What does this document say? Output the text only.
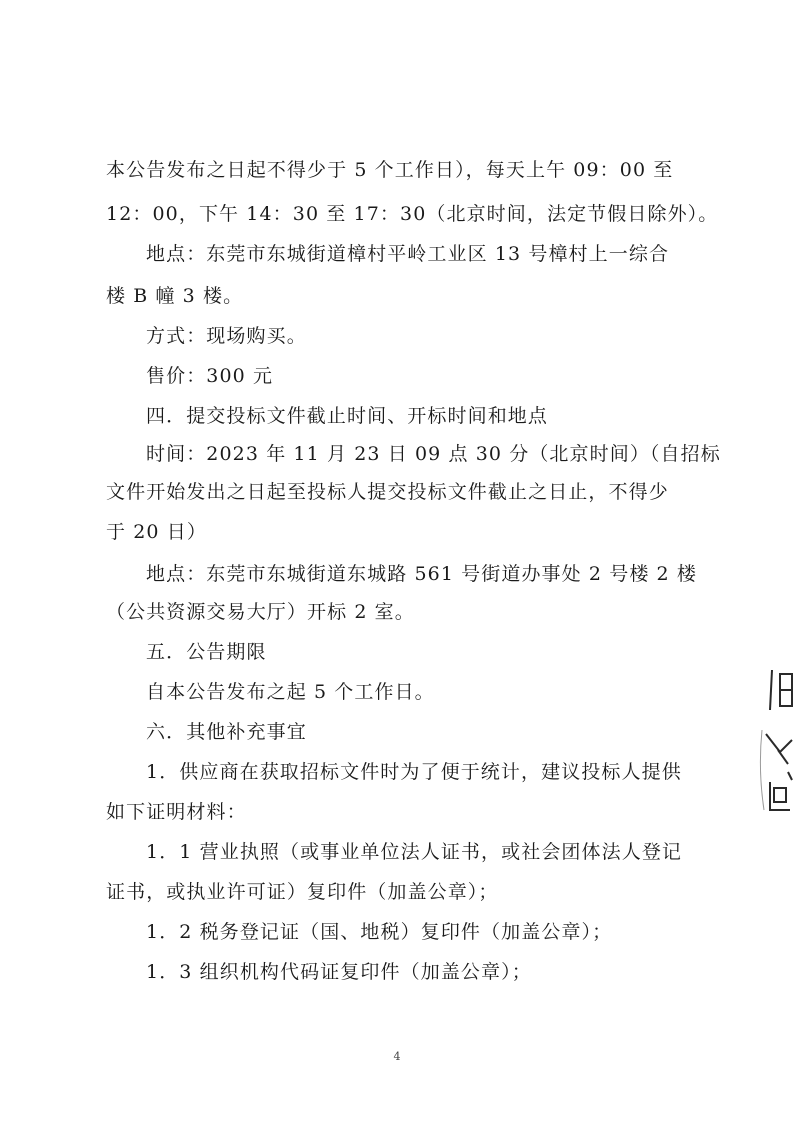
本公告发布之日起不得少于 5 个工作日），每天上午 09：00 至
12：00，下午 14：30 至 17：30（北京时间，法定节假日除外）。
地点：东莞市东城街道樟村平岭工业区 13 号樟村上一综合
楼 B 幢 3 楼。
方式：现场购买。
售价：300 元
四．提交投标文件截止时间、开标时间和地点
时间：2023 年 11 月 23 日 09 点 30 分（北京时间）（自招标
文件开始发出之日起至投标人提交投标文件截止之日止，不得少
于 20 日）
地点：东莞市东城街道东城路 561 号街道办事处 2 号楼 2 楼
（公共资源交易大厅）开标 2 室。
五．公告期限
自本公告发布之起 5 个工作日。
六．其他补充事宜
1．供应商在获取招标文件时为了便于统计，建议投标人提供
如下证明材料：
1．1 营业执照（或事业单位法人证书，或社会团体法人登记
证书，或执业许可证）复印件（加盖公章）；
1．2 税务登记证（国、地税）复印件（加盖公章）；
1．3 组织机构代码证复印件（加盖公章）；
4
